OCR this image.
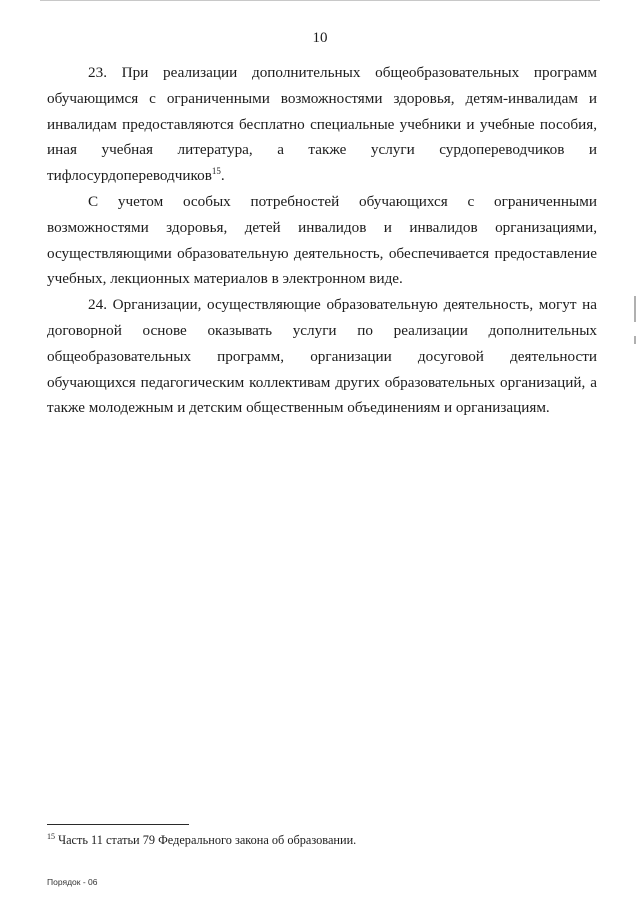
10

23. При реализации дополнительных общеобразовательных программ обучающимся с ограниченными возможностями здоровья, детям-инвалидам и инвалидам предоставляются бесплатно специальные учебники и учебные пособия, иная учебная литература, а также услуги сурдопереводчиков и тифлосурдопереводчиков$^{15}$.

С учетом особых потребностей обучающихся с ограниченными возможностями здоровья, детей инвалидов и инвалидов организациями, осуществляющими образовательную деятельность, обеспечивается предоставление учебных, лекционных материалов в электронном виде.

24. Организации, осуществляющие образовательную деятельность, могут на договорной основе оказывать услуги по реализации дополнительных общеобразовательных программ, организации досуговой деятельности обучающихся педагогическим коллективам других образовательных организаций, а также молодежным и детским общественным объединениям и организациям.

$^{15}$ Часть 11 статьи 79 Федерального закона об образовании.
Порядок - 06
